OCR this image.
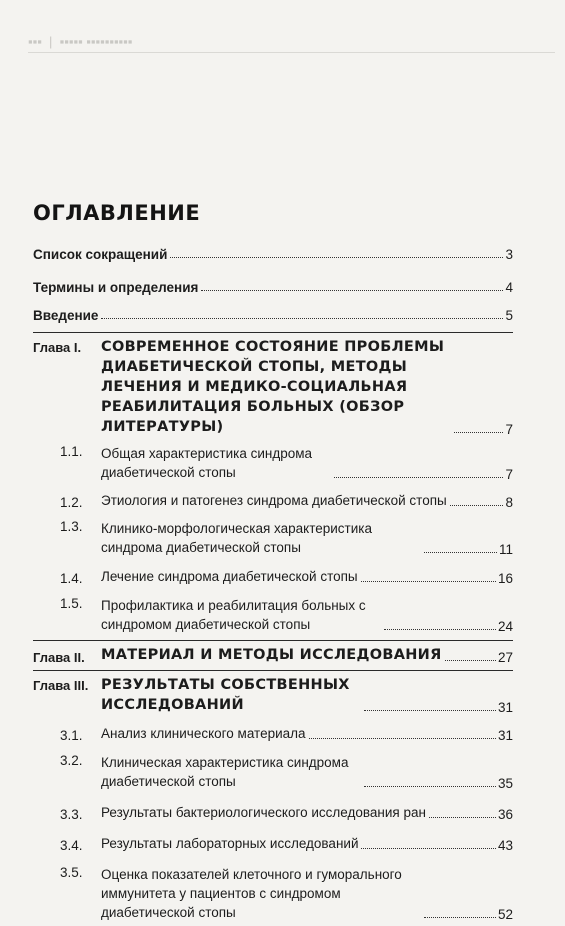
▪▪▪  |  ▪▪▪▪▪ ▪▪▪▪▪▪▪▪▪▪
ОГЛАВЛЕНИЕ
Список сокращений	3
Термины и определения	4
Введение	5
Глава I.	СОВРЕМЕННОЕ СОСТОЯНИЕ ПРОБЛЕМЫ ДИАБЕТИЧЕСКОЙ СТОПЫ, МЕТОДЫ ЛЕЧЕНИЯ И МЕДИКО-СОЦИАЛЬНАЯ РЕАБИЛИТАЦИЯ БОЛЬНЫХ (ОБЗОР ЛИТЕРАТУРЫ)	7
1.1.	Общая характеристика синдрома диабетической стопы	7
1.2.	Этиология и патогенез синдрома диабетической стопы	8
1.3.	Клинико-морфологическая характеристика синдрома диабетической стопы	11
1.4.	Лечение синдрома диабетической стопы	16
1.5.	Профилактика и реабилитация больных с синдромом диабетической стопы	24
Глава II.	МАТЕРИАЛ И МЕТОДЫ ИССЛЕДОВАНИЯ	27
Глава III. РЕЗУЛЬТАТЫ СОБСТВЕННЫХ ИССЛЕДОВАНИЙ	31
3.1.	Анализ клинического материала	31
3.2.	Клиническая характеристика синдрома диабетической стопы	35
3.3.	Результаты бактериологического исследования ран	36
3.4.	Результаты лабораторных исследований	43
3.5.	Оценка показателей клеточного и гуморального иммунитета у пациентов с синдромом диабетической стопы	52
